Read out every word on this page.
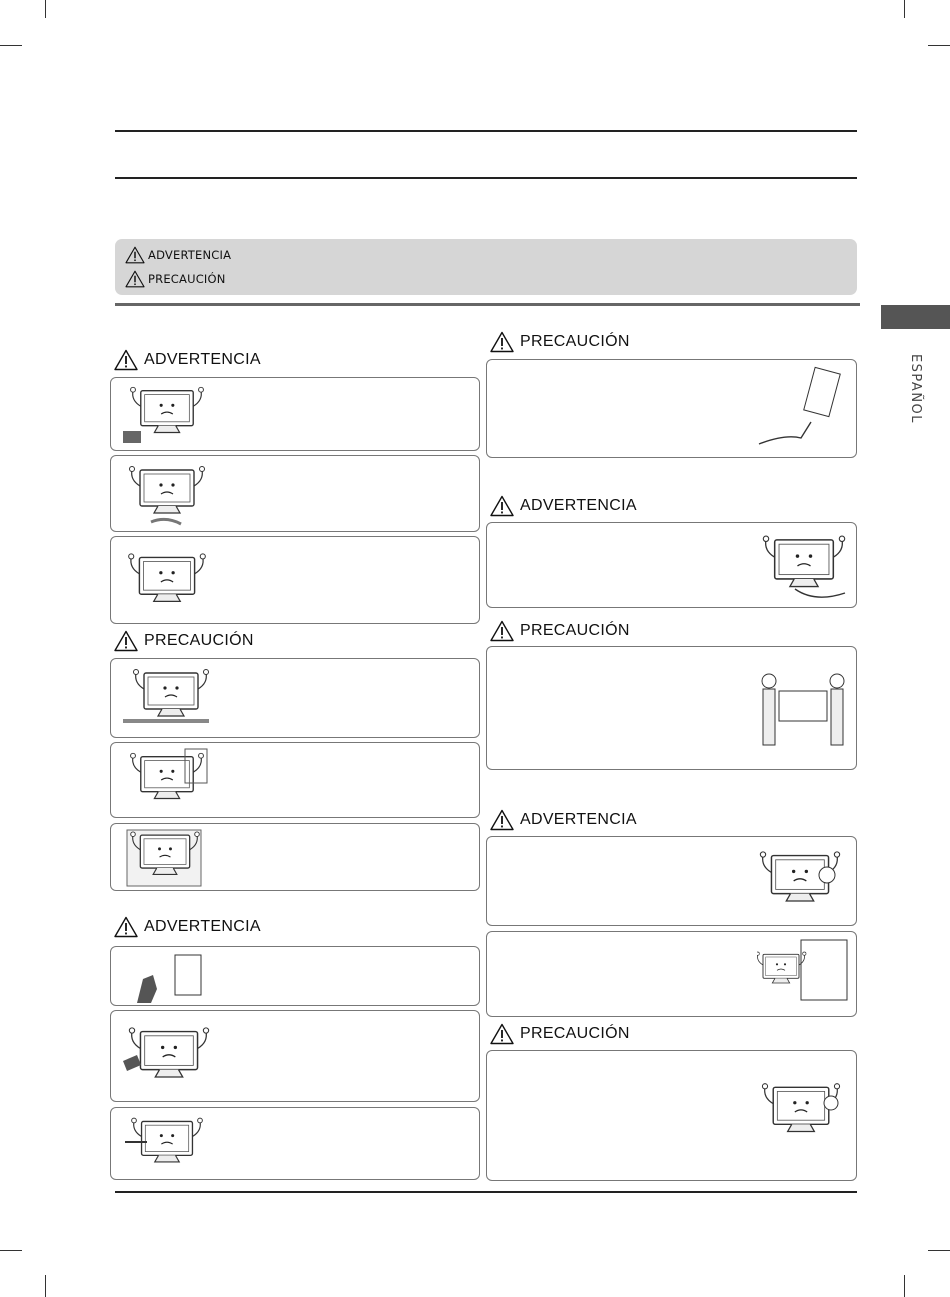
ADVERTENCIA
PRECAUCIÓN
ESPAÑOL
ADVERTENCIA
PRECAUCIÓN
ADVERTENCIA
PRECAUCIÓN
ADVERTENCIA
PRECAUCIÓN
ADVERTENCIA
PRECAUCIÓN
